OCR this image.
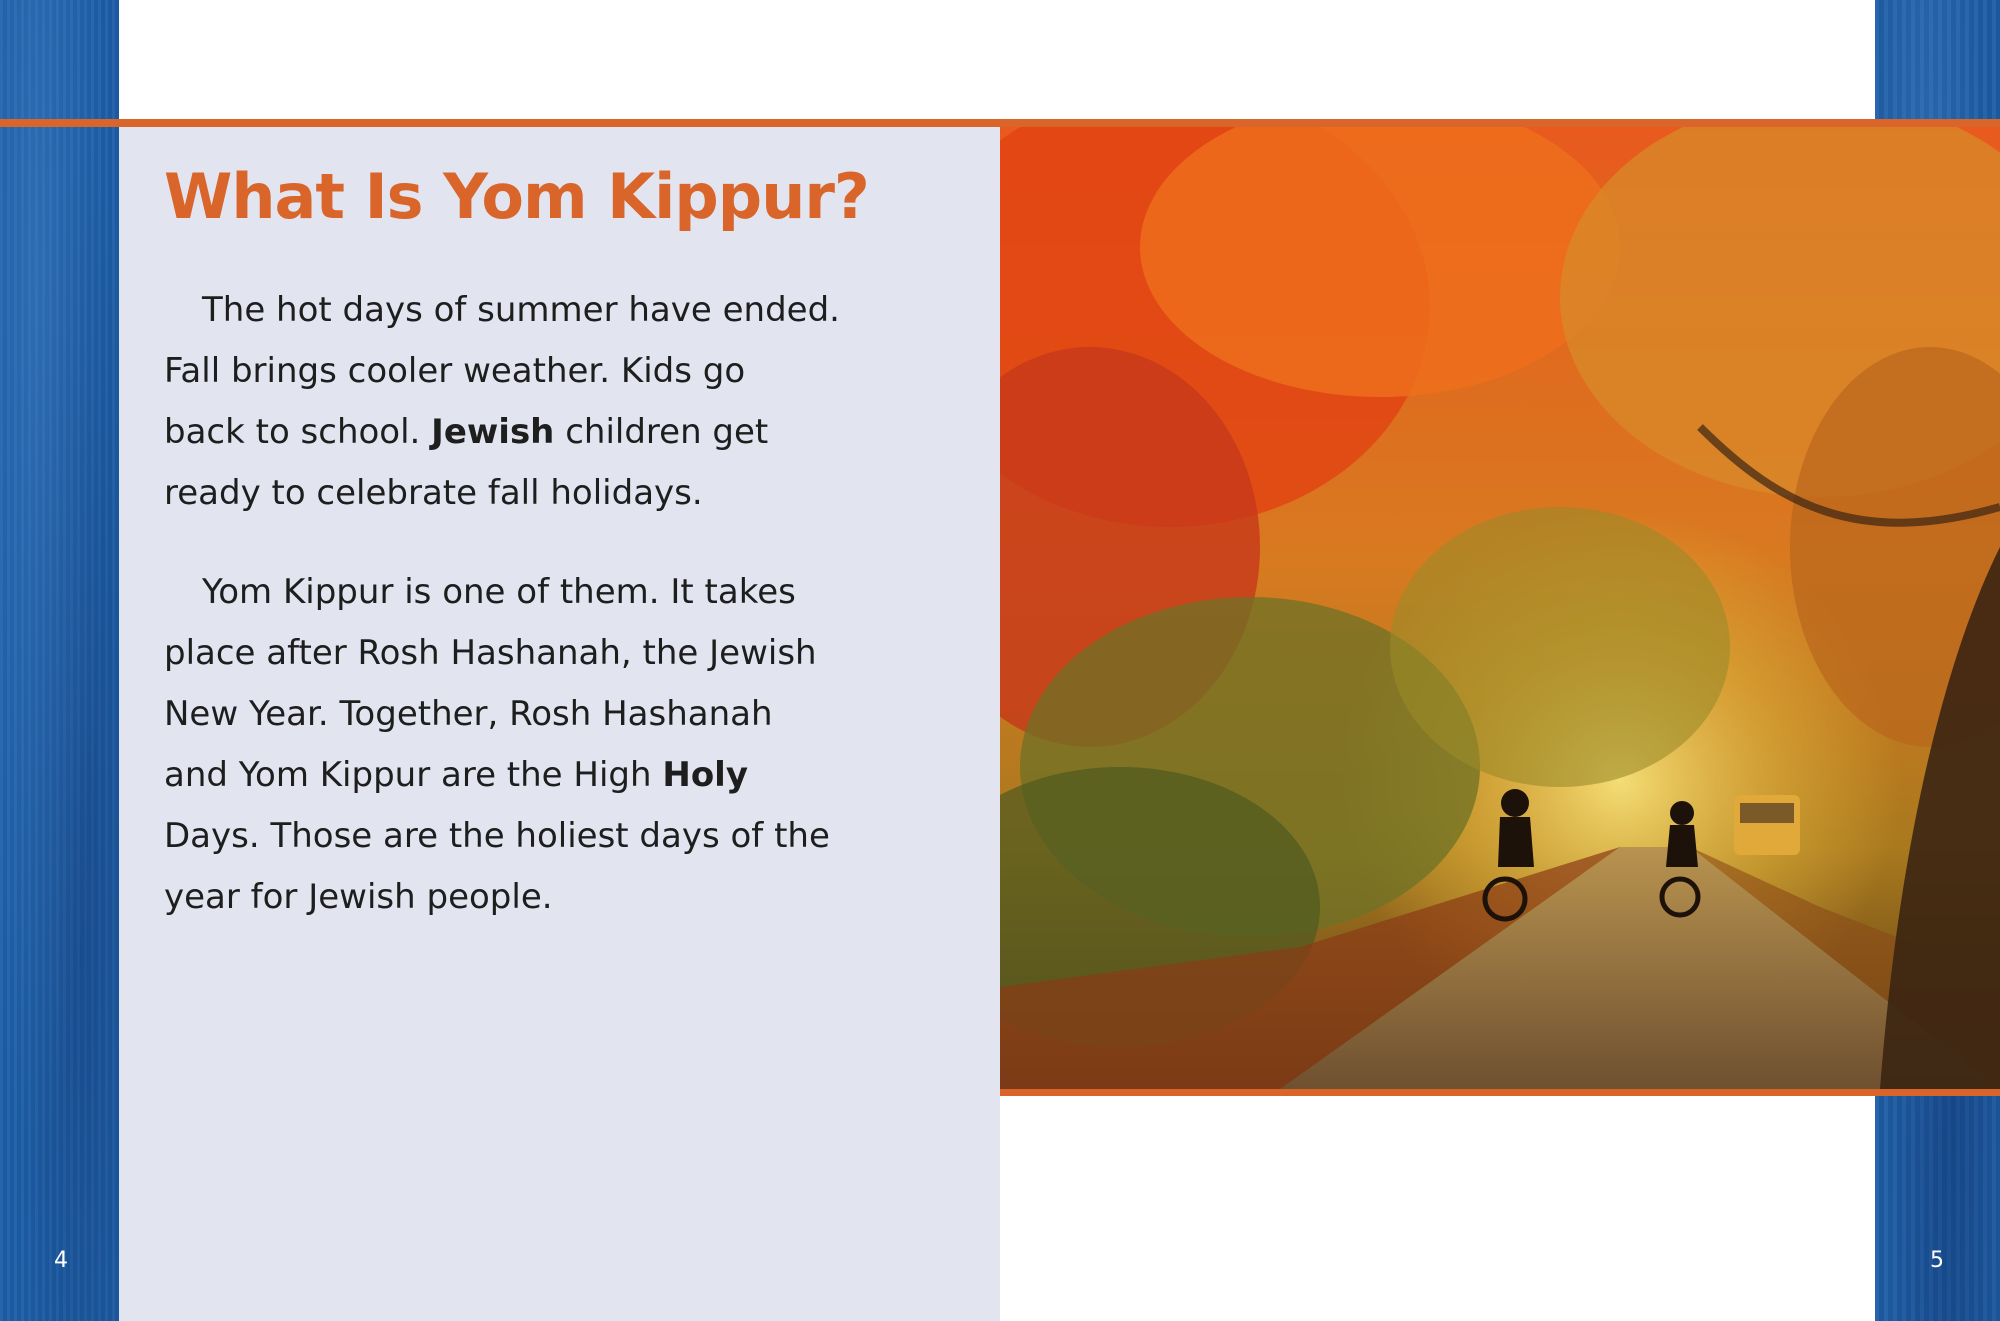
What Is Yom Kippur?

The hot days of summer have ended.
Fall brings cooler weather. Kids go
back to school. Jewish children get
ready to celebrate fall holidays.

Yom Kippur is one of them. It takes
place after Rosh Hashanah, the Jewish
New Year. Together, Rosh Hashanah
and Yom Kippur are the High Holy
Days. Those are the holiest days of the
year for Jewish people.

4	5
